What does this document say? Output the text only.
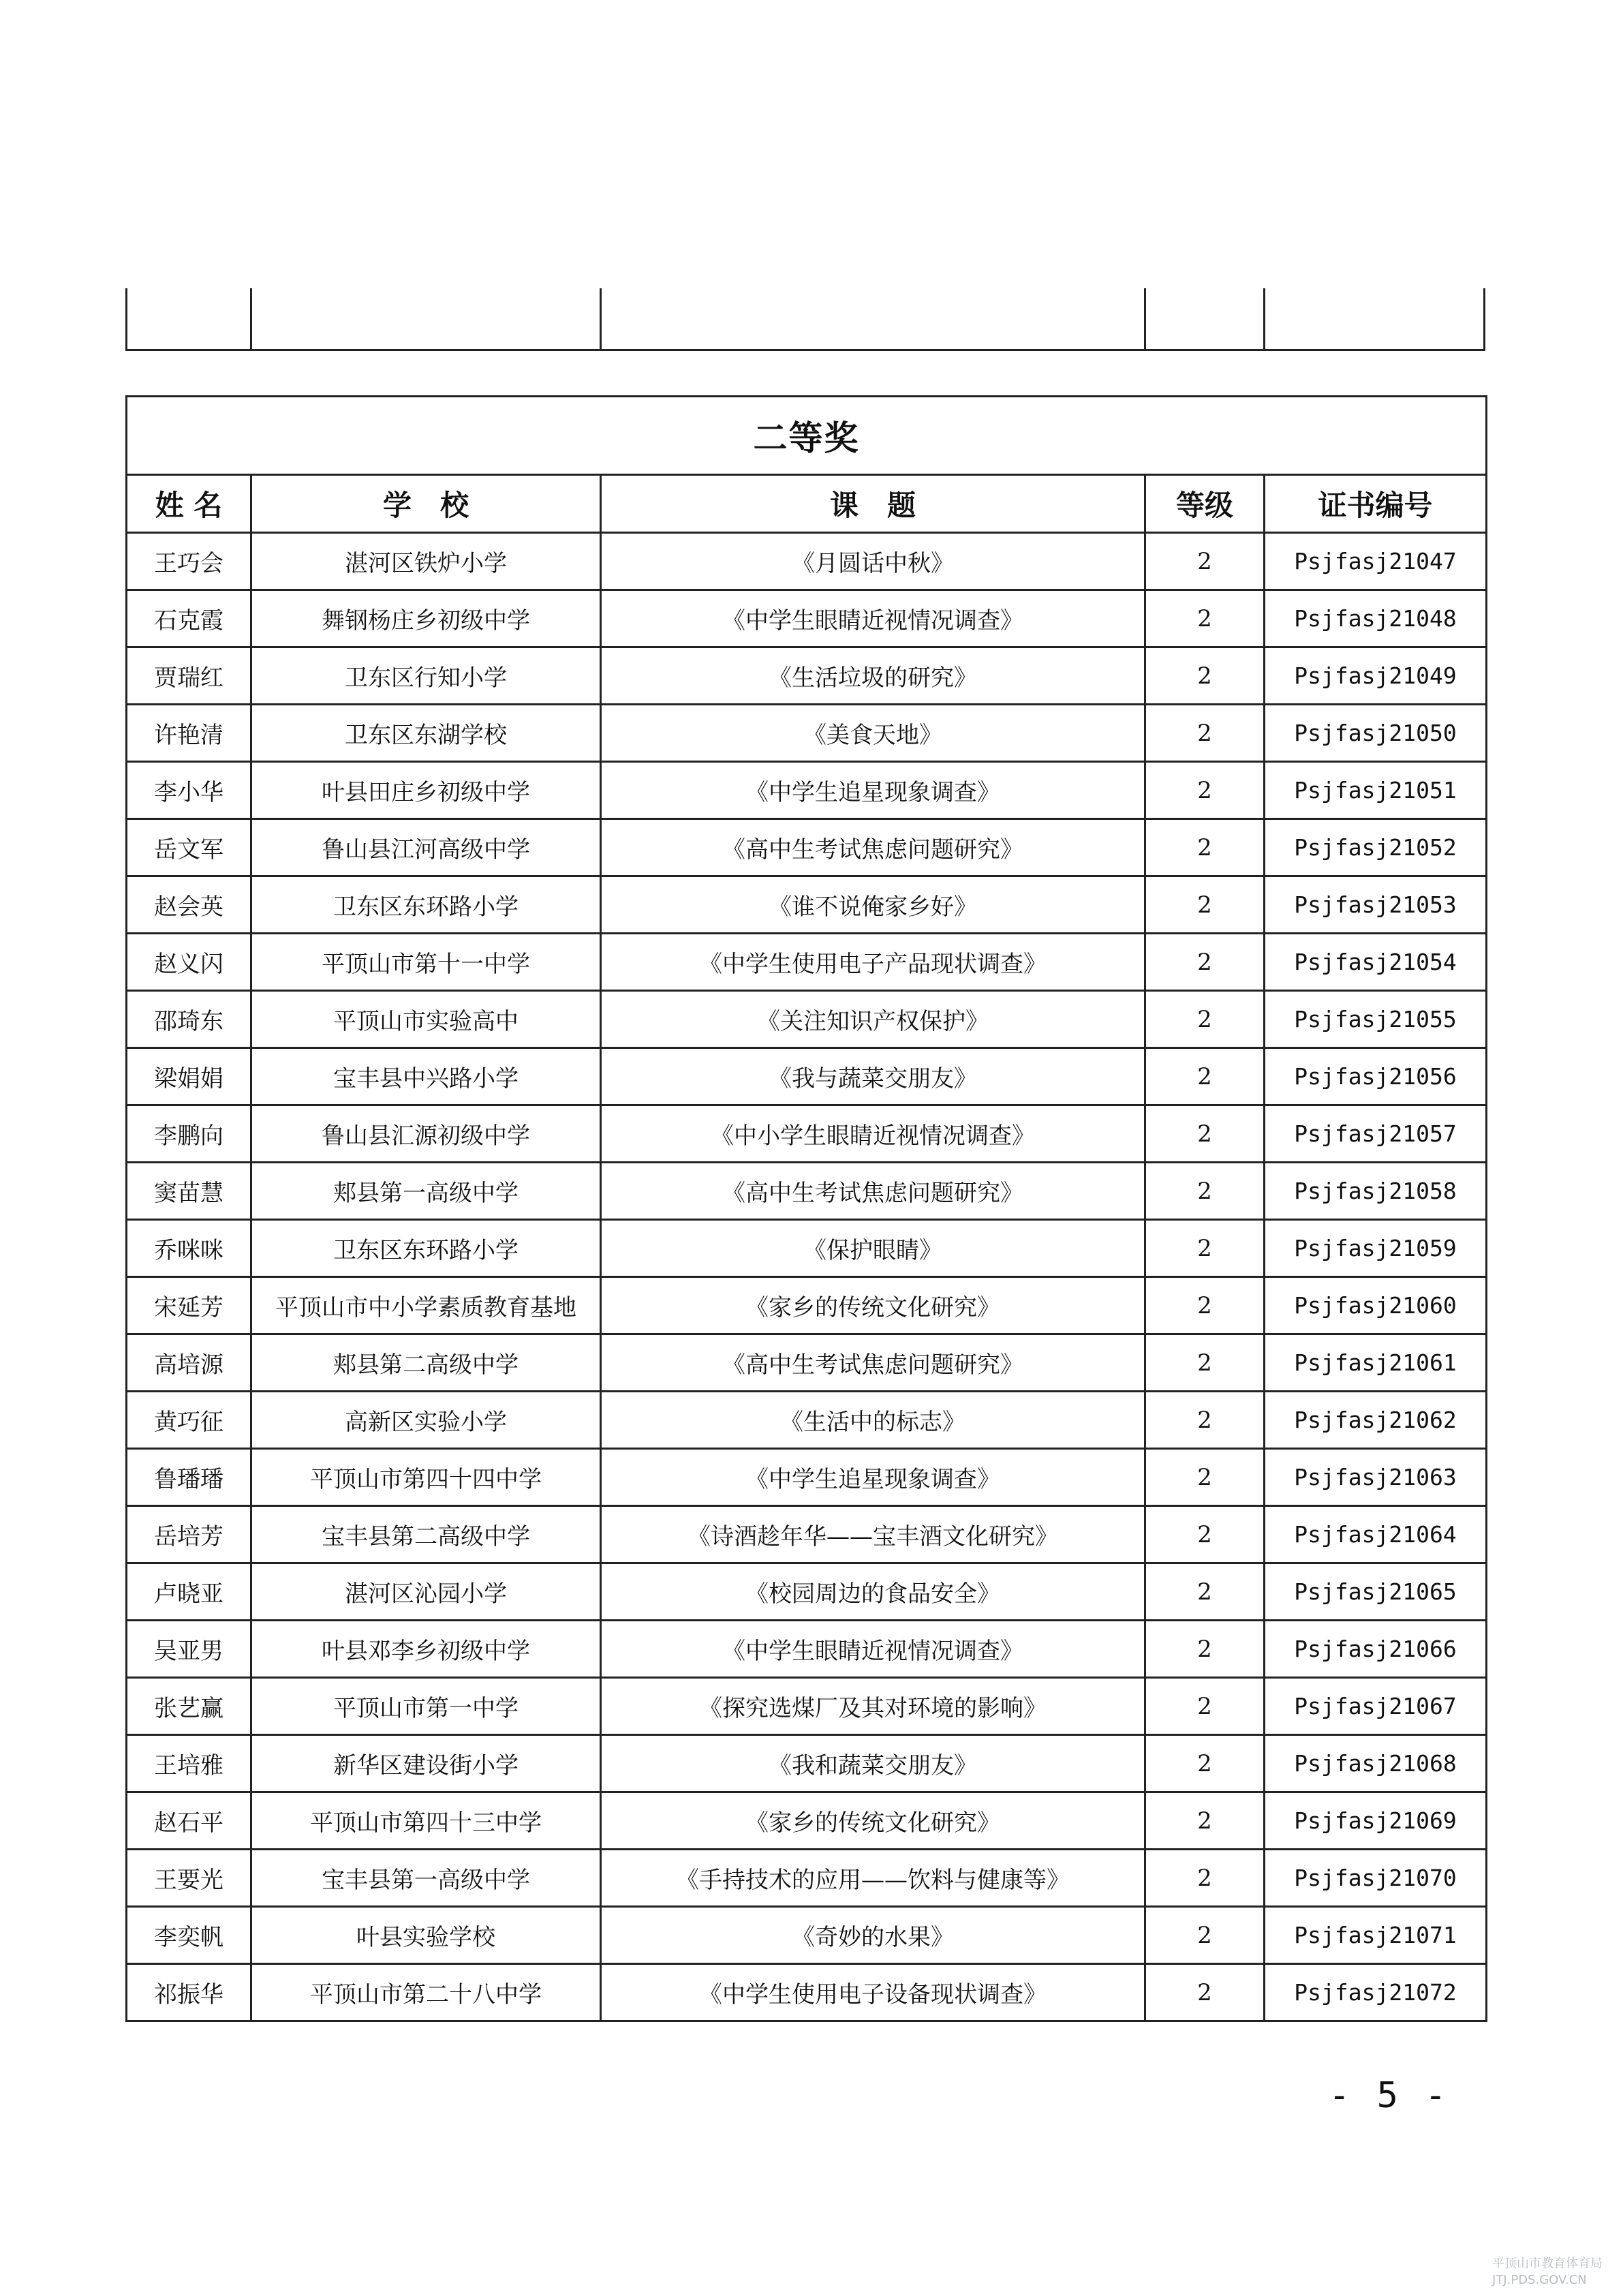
二等奖				
姓 名	学　校	课　题	等级	证书编号
王巧会	湛河区铁炉小学	《月圆话中秋》	2	Psjfasj21047
石克霞	舞钢杨庄乡初级中学	《中学生眼睛近视情况调查》	2	Psjfasj21048
贾瑞红	卫东区行知小学	《生活垃圾的研究》	2	Psjfasj21049
许艳清	卫东区东湖学校	《美食天地》	2	Psjfasj21050
李小华	叶县田庄乡初级中学	《中学生追星现象调查》	2	Psjfasj21051
岳文军	鲁山县江河高级中学	《高中生考试焦虑问题研究》	2	Psjfasj21052
赵会英	卫东区东环路小学	《谁不说俺家乡好》	2	Psjfasj21053
赵义闪	平顶山市第十一中学	《中学生使用电子产品现状调查》	2	Psjfasj21054
邵琦东	平顶山市实验高中	《关注知识产权保护》	2	Psjfasj21055
梁娟娟	宝丰县中兴路小学	《我与蔬菜交朋友》	2	Psjfasj21056
李鹏向	鲁山县汇源初级中学	《中小学生眼睛近视情况调查》	2	Psjfasj21057
窦苗慧	郏县第一高级中学	《高中生考试焦虑问题研究》	2	Psjfasj21058
乔咪咪	卫东区东环路小学	《保护眼睛》	2	Psjfasj21059
宋延芳	平顶山市中小学素质教育基地	《家乡的传统文化研究》	2	Psjfasj21060
高培源	郏县第二高级中学	《高中生考试焦虑问题研究》	2	Psjfasj21061
黄巧征	高新区实验小学	《生活中的标志》	2	Psjfasj21062
鲁璠璠	平顶山市第四十四中学	《中学生追星现象调查》	2	Psjfasj21063
岳培芳	宝丰县第二高级中学	《诗酒趁年华——宝丰酒文化研究》	2	Psjfasj21064
卢晓亚	湛河区沁园小学	《校园周边的食品安全》	2	Psjfasj21065
吴亚男	叶县邓李乡初级中学	《中学生眼睛近视情况调查》	2	Psjfasj21066
张艺赢	平顶山市第一中学	《探究选煤厂及其对环境的影响》	2	Psjfasj21067
王培雅	新华区建设街小学	《我和蔬菜交朋友》	2	Psjfasj21068
赵石平	平顶山市第四十三中学	《家乡的传统文化研究》	2	Psjfasj21069
王要光	宝丰县第一高级中学	《手持技术的应用——饮料与健康等》	2	Psjfasj21070
李奕帆	叶县实验学校	《奇妙的水果》	2	Psjfasj21071
祁振华	平顶山市第二十八中学	《中学生使用电子设备现状调查》	2	Psjfasj21072
- 5 -
平顶山市教育体育局
JTJ.PDS.GOV.CN
